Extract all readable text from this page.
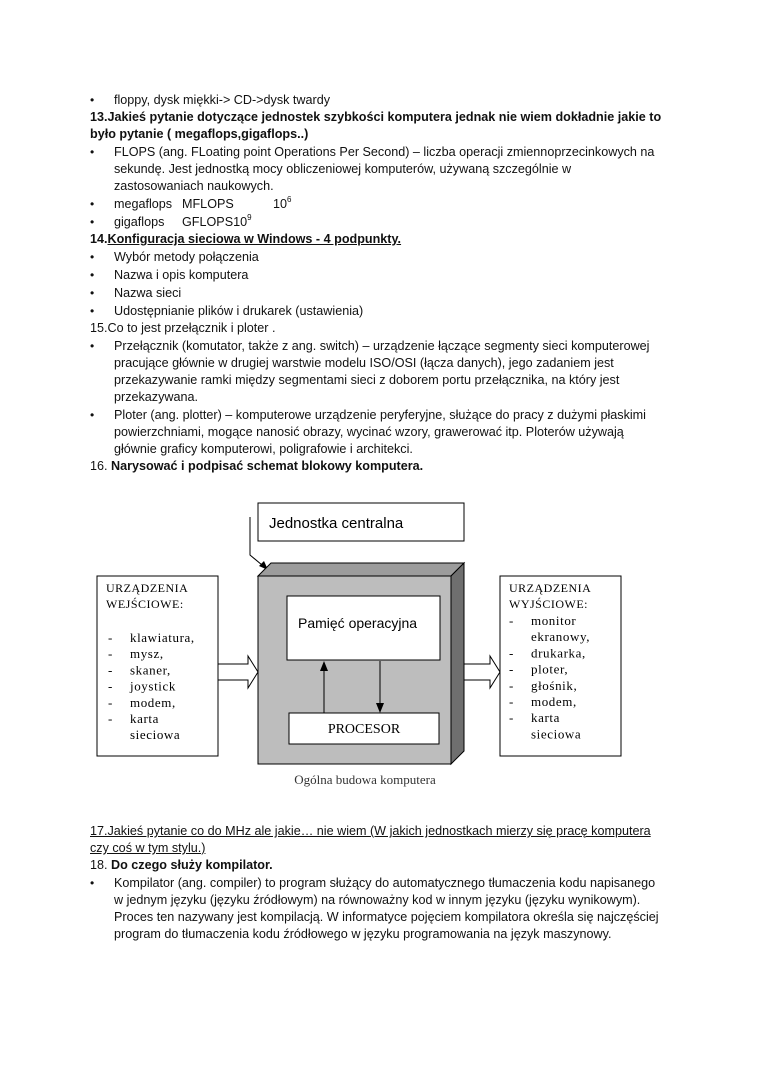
•	floppy, dysk miękki-> CD->dysk twardy
13.Jakieś pytanie dotyczące jednostek szybkości komputera jednak nie wiem dokładnie jakie to
było pytanie ( megaflops,gigaflops..)
•	FLOPS (ang. FLoating point Operations Per Second) – liczba operacji zmiennoprzecinkowych na
sekundę. Jest jednostką mocy obliczeniowej komputerów, używaną szczególnie w
zastosowaniach naukowych.
•	megaflops MFLOPS	$10^6$
•	gigaflops $GFLOPS10^9$
14.Konfiguracja sieciowa w Windows - 4 podpunkty.
•	Wybór metody połączenia
•	Nazwa i opis komputera
•	Nazwa sieci
•	Udostępnianie plików i drukarek (ustawienia)
15.Co to jest przełącznik i ploter .
•	Przełącznik (komutator, także z ang. switch) – urządzenie łączące segmenty sieci komputerowej
pracujące głównie w drugiej warstwie modelu ISO/OSI (łącza danych), jego zadaniem jest
przekazywanie ramki między segmentami sieci z doborem portu przełącznika, na który jest
przekazywana.
•	Ploter (ang. plotter) – komputerowe urządzenie peryferyjne, służące do pracy z dużymi płaskimi
powierzchniami, mogące nanosić obrazy, wycinać wzory, grawerować itp. Ploterów używają
głównie graficy komputerowi, poligrafowie i architekci.
16. Narysować i podpisać schemat blokowy komputera.
Jednostka centralna
Pamięć operacyjna
PROCESOR
URZĄDZENIA
WEJŚCIOWE:
- klawiatura,
- mysz,
- skaner,
- joystick
- modem,
- karta
sieciowa
URZĄDZENIA
WYJŚCIOWE:
- monitor
ekranowy,
- drukarka,
- ploter,
- głośnik,
- modem,
- karta
sieciowa
Ogólna budowa komputera
17.Jakieś pytanie co do MHz ale jakie… nie wiem (W jakich jednostkach mierzy się pracę komputera
czy coś w tym stylu.)
18. Do czego służy kompilator.
•	Kompilator (ang. compiler) to program służący do automatycznego tłumaczenia kodu napisanego
w jednym języku (języku źródłowym) na równoważny kod w innym języku (języku wynikowym).
Proces ten nazywany jest kompilacją. W informatyce pojęciem kompilatora określa się najczęściej
program do tłumaczenia kodu źródłowego w języku programowania na język maszynowy.
